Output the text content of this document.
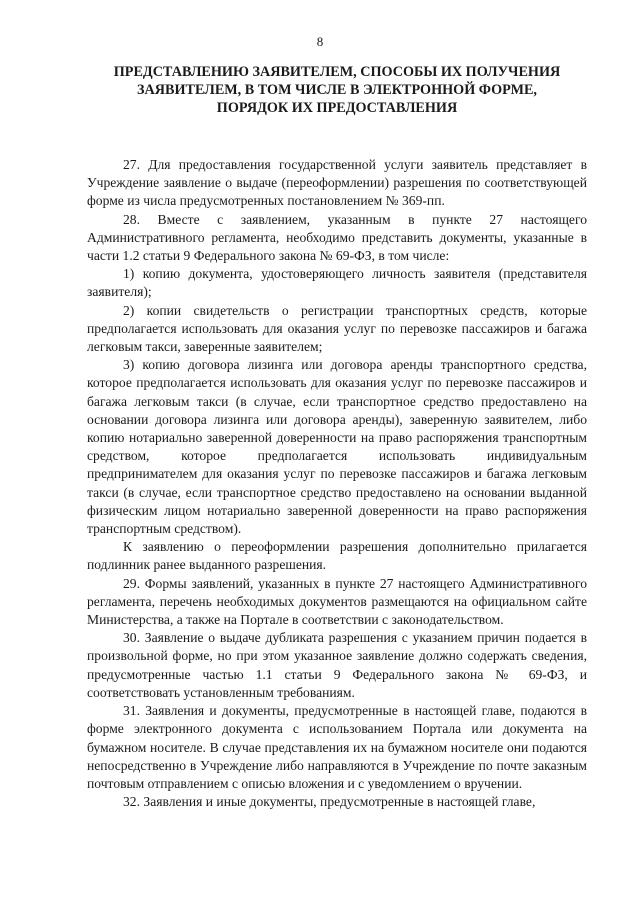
8
ПРЕДСТАВЛЕНИЮ ЗАЯВИТЕЛЕМ, СПОСОБЫ ИХ ПОЛУЧЕНИЯ
ЗАЯВИТЕЛЕМ, В ТОМ ЧИСЛЕ В ЭЛЕКТРОННОЙ ФОРМЕ,
ПОРЯДОК ИХ ПРЕДОСТАВЛЕНИЯ

27. Для предоставления государственной услуги заявитель представляет в Учреждение заявление о выдаче (переоформлении) разрешения по соответствующей форме из числа предусмотренных постановлением № 369-пп.

28. Вместе с заявлением, указанным в пункте 27 настоящего Административного регламента, необходимо представить документы, указанные в части 1.2 статьи 9 Федерального закона № 69-ФЗ, в том числе:

1) копию документа, удостоверяющего личность заявителя (представителя заявителя);

2) копии свидетельств о регистрации транспортных средств, которые предполагается использовать для оказания услуг по перевозке пассажиров и багажа легковым такси, заверенные заявителем;

3) копию договора лизинга или договора аренды транспортного средства, которое предполагается использовать для оказания услуг по перевозке пассажиров и багажа легковым такси (в случае, если транспортное средство предоставлено на основании договора лизинга или договора аренды), заверенную заявителем, либо копию нотариально заверенной доверенности на право распоряжения транспортным средством, которое предполагается использовать индивидуальным предпринимателем для оказания услуг по перевозке пассажиров и багажа легковым такси (в случае, если транспортное средство предоставлено на основании выданной физическим лицом нотариально заверенной доверенности на право распоряжения транспортным средством).

К заявлению о переоформлении разрешения дополнительно прилагается подлинник ранее выданного разрешения.

29. Формы заявлений, указанных в пункте 27 настоящего Административного регламента, перечень необходимых документов размещаются на официальном сайте Министерства, а также на Портале в соответствии с законодательством.

30. Заявление о выдаче дубликата разрешения с указанием причин подается в произвольной форме, но при этом указанное заявление должно содержать сведения, предусмотренные частью 1.1 статьи 9 Федерального закона № 69-ФЗ, и соответствовать установленным требованиям.

31. Заявления и документы, предусмотренные в настоящей главе, подаются в форме электронного документа с использованием Портала или документа на бумажном носителе. В случае представления их на бумажном носителе они подаются непосредственно в Учреждение либо направляются в Учреждение по почте заказным почтовым отправлением с описью вложения и с уведомлением о вручении.

32. Заявления и иные документы, предусмотренные в настоящей главе,
